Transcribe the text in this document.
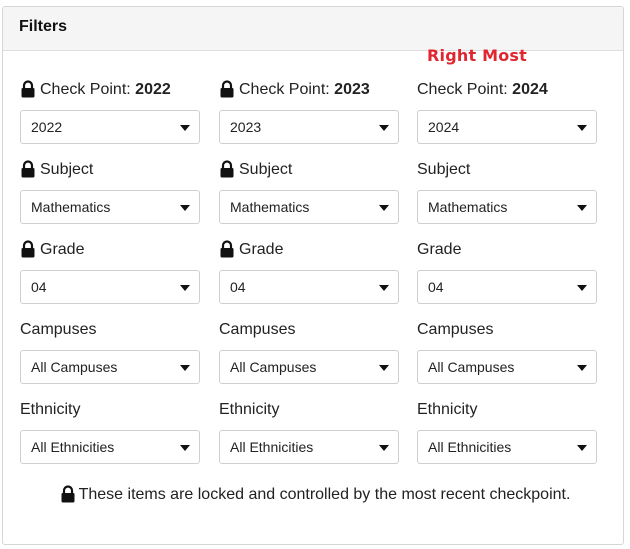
Filters
Right Most
Check Point:
2022
2022
Subject
Mathematics
Grade
04
Campuses
All Campuses
Ethnicity
All Ethnicities
Check Point:
2023
2023
Subject
Mathematics
Grade
04
Campuses
All Campuses
Ethnicity
All Ethnicities
Check Point:
2024
2024
Subject
Mathematics
Grade
04
Campuses
All Campuses
Ethnicity
All Ethnicities
These items are locked and controlled by the most recent checkpoint.
